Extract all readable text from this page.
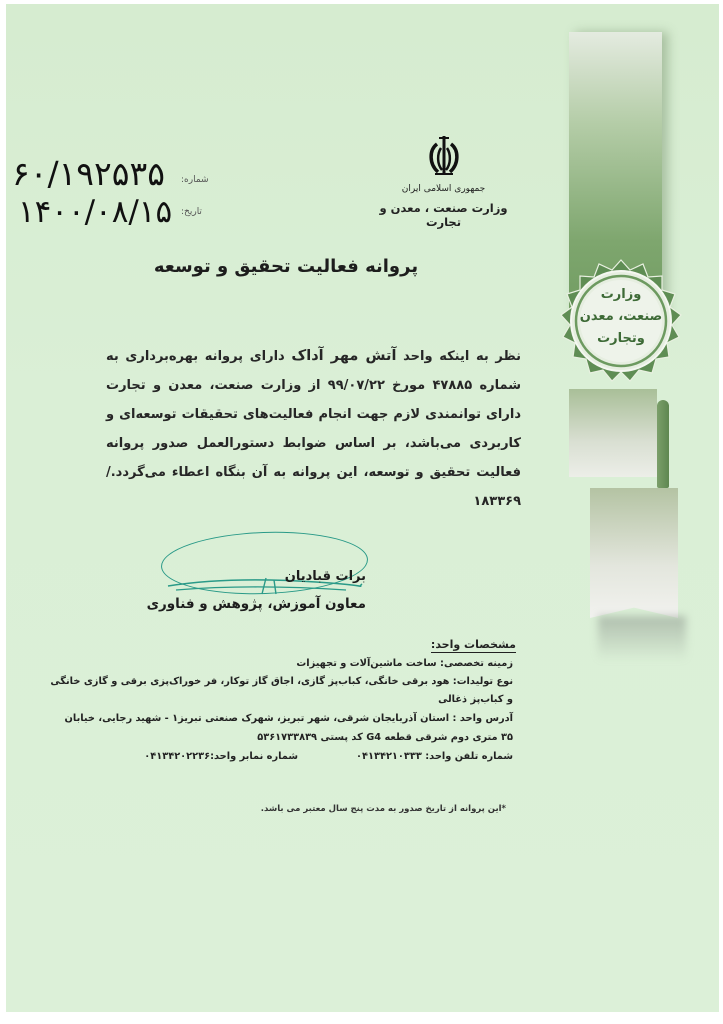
وزارت
صنعت، معدن
وتجارت
شماره:
۶۰/۱۹۲۵۳۵
تاریخ:
۱۴۰۰/۰۸/۱۵
جمهوری اسلامی ایران
وزارت صنعت ، معدن و تجارت
پروانه فعالیت تحقیق و توسعه
نظر به اینکه واحد آتش مهر آداک دارای پروانه بهره‌برداری به شماره ۴۷۸۸۵ مورخ ۹۹/۰۷/۲۲ از وزارت صنعت، معدن و تجارت دارای توانمندی لازم جهت انجام فعالیت‌های تحقیقات توسعه‌ای و کاربردی می‌باشد، بر اساس ضوابط دستورالعمل صدور پروانه فعالیت تحقیق و توسعه، این پروانه به آن بنگاه اعطاء می‌گردد./۱۸۳۳۶۹
برات قبادیان
معاون آموزش، پژوهش و فناوری
مشخصات واحد:
زمینه تخصصی: ساخت ماشین‌آلات و تجهیزات
نوع تولیدات: هود برقی خانگی، کباب‌پز گازی، اجاق گاز توکار، فر خوراک‌پزی برقی و گازی خانگی
و کباب‌پز ذغالی
آدرس واحد : استان آذربایجان شرقی، شهر تبریز، شهرک صنعتی تبریز۱ - شهید رجایی، خیابان
۳۵ متری دوم شرقی قطعه G4 کد پستی ۵۳۶۱۷۳۳۸۳۹
شماره تلفن واحد: ۰۴۱۳۴۲۱۰۳۳۳
شماره نمابر واحد:۰۴۱۳۴۲۰۲۲۳۶
*این پروانه از تاریخ صدور به مدت پنج سال معتبر می باشد.
